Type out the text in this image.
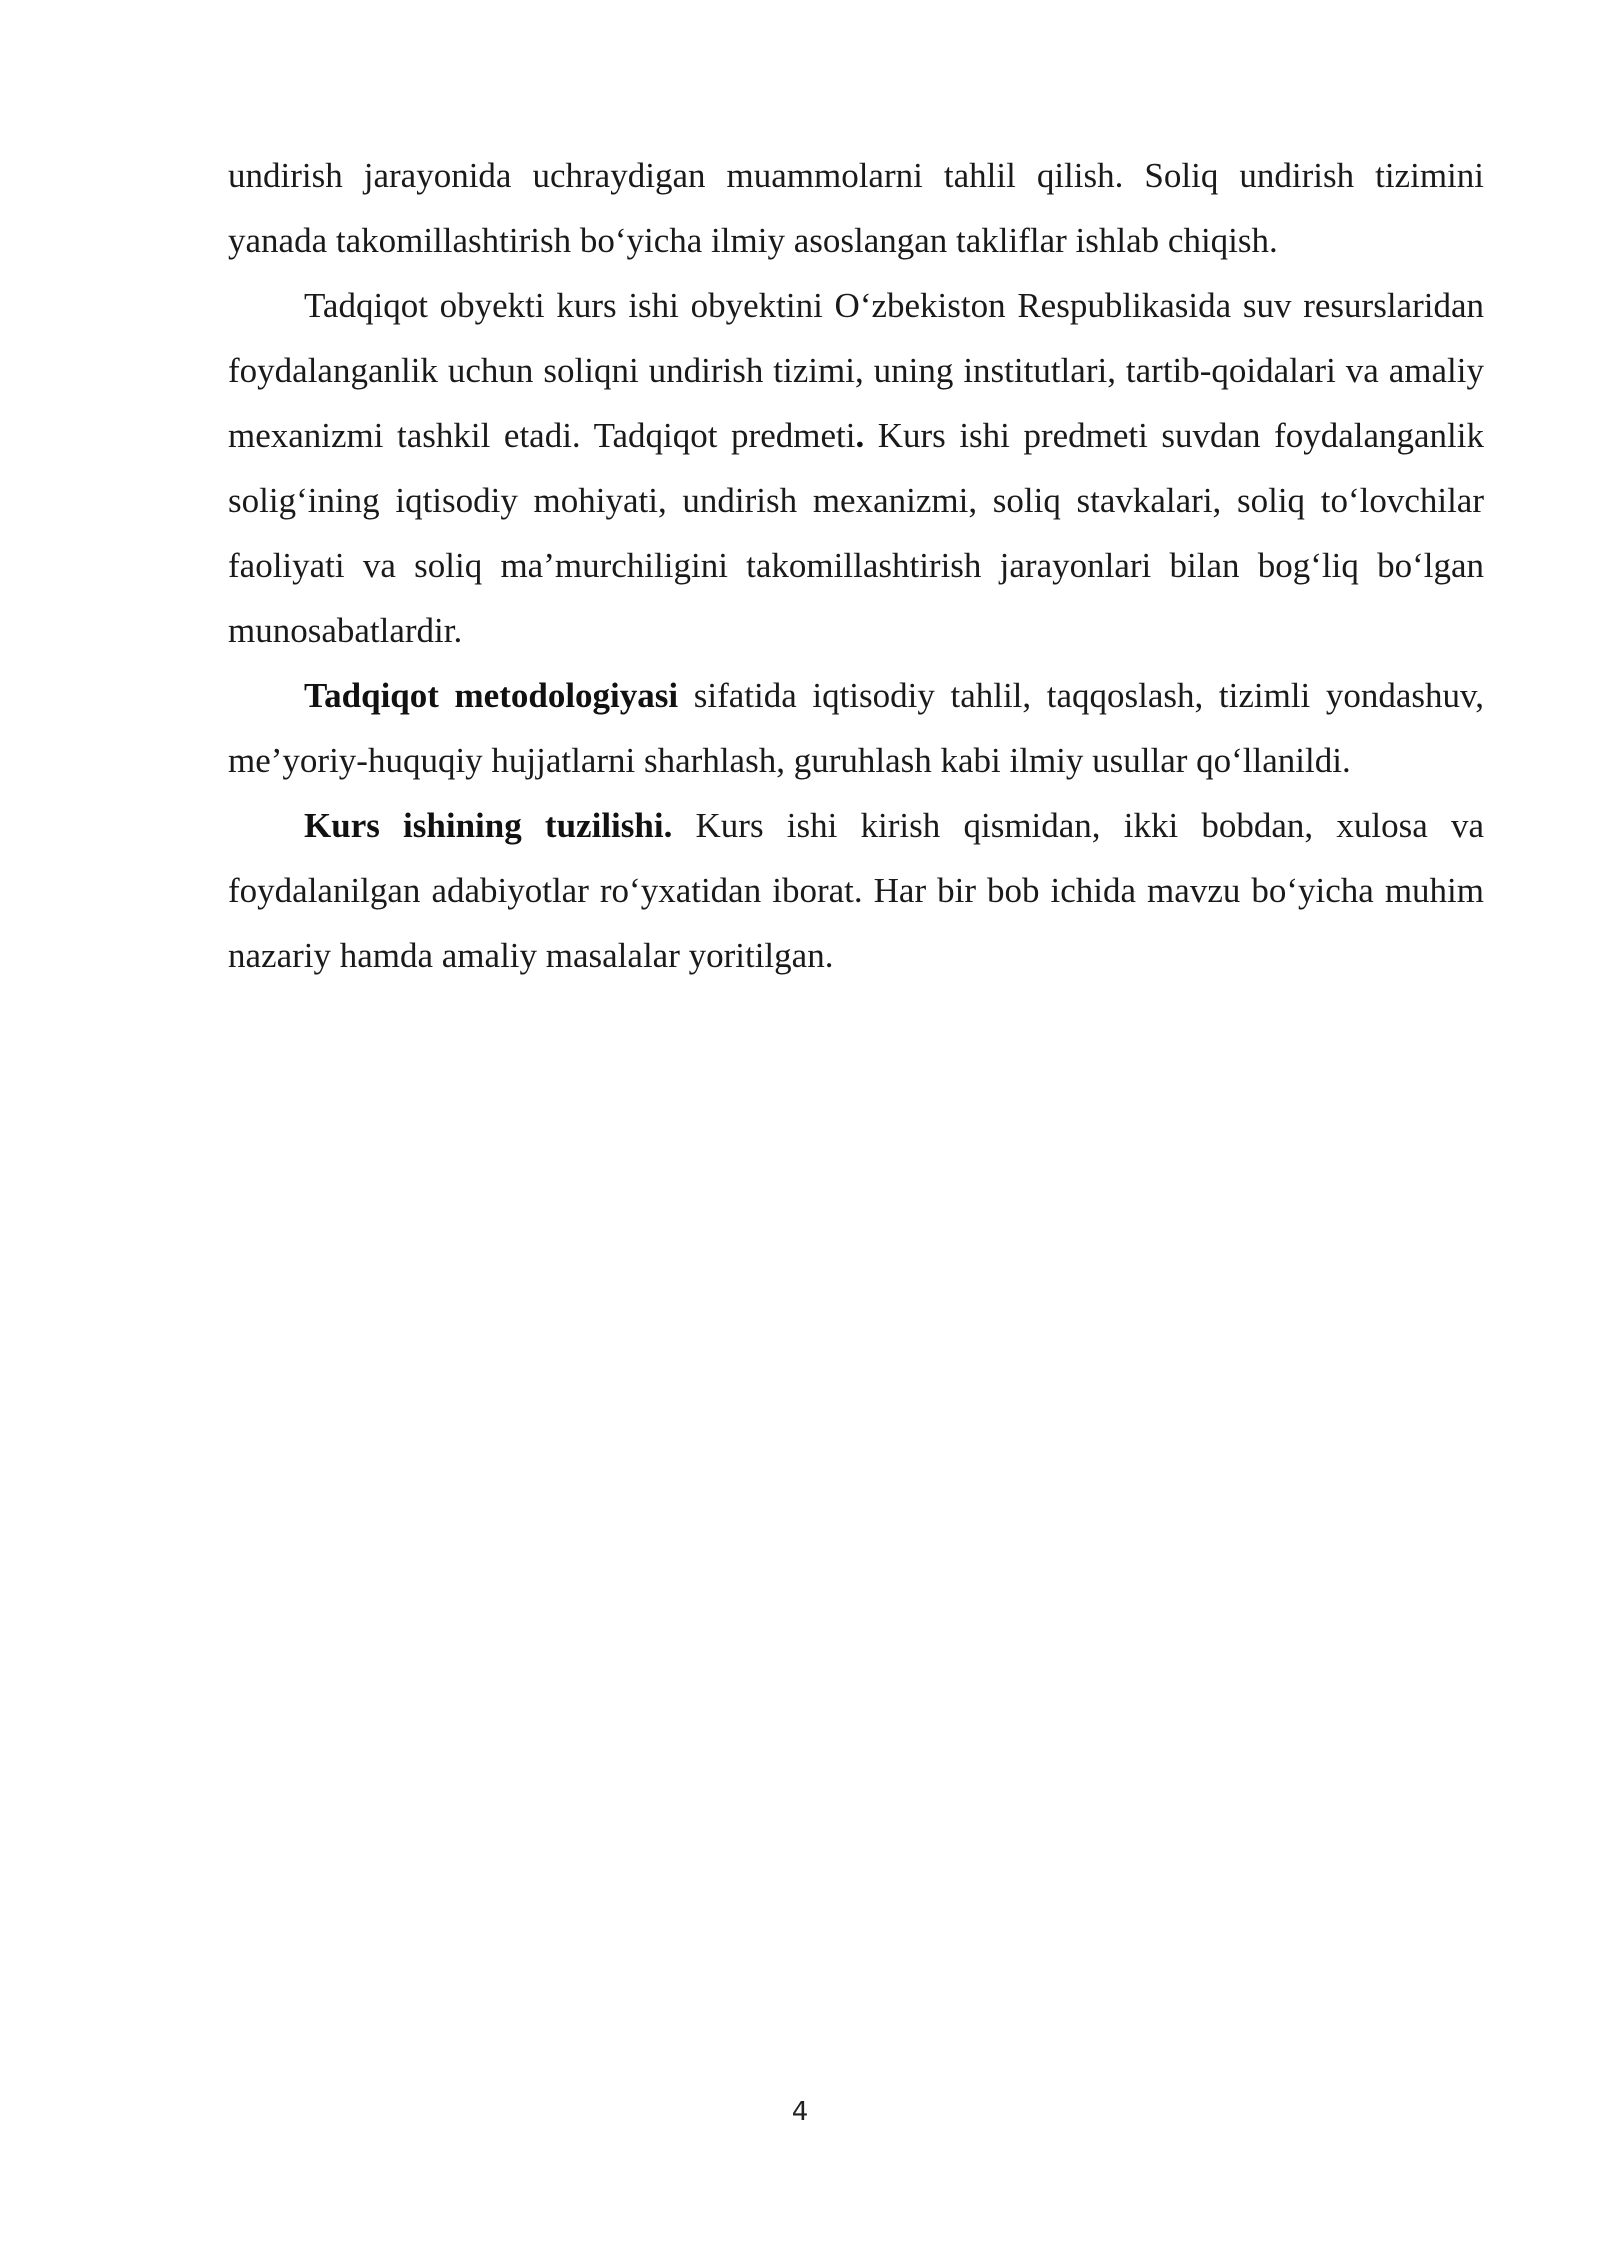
undirish jarayonida uchraydigan muammolarni tahlil qilish. Soliq undirish tizimini yanada takomillashtirish bo‘yicha ilmiy asoslangan takliflar ishlab chiqish.

Tadqiqot obyekti kurs ishi obyektini O‘zbekiston Respublikasida suv resurslaridan foydalanganlik uchun soliqni undirish tizimi, uning institutlari, tartib-qoidalari va amaliy mexanizmi tashkil etadi. Tadqiqot predmeti. Kurs ishi predmeti suvdan foydalanganlik solig‘ining iqtisodiy mohiyati, undirish mexanizmi, soliq stavkalari, soliq to‘lovchilar faoliyati va soliq ma’murchiligini takomillashtirish jarayonlari bilan bog‘liq bo‘lgan munosabatlardir.

Tadqiqot metodologiyasi sifatida iqtisodiy tahlil, taqqoslash, tizimli yondashuv, me’yoriy-huquqiy hujjatlarni sharhlash, guruhlash kabi ilmiy usullar qo‘llanildi.

Kurs ishining tuzilishi. Kurs ishi kirish qismidan, ikki bobdan, xulosa va foydalanilgan adabiyotlar ro‘yxatidan iborat. Har bir bob ichida mavzu bo‘yicha muhim nazariy hamda amaliy masalalar yoritilgan.

4
